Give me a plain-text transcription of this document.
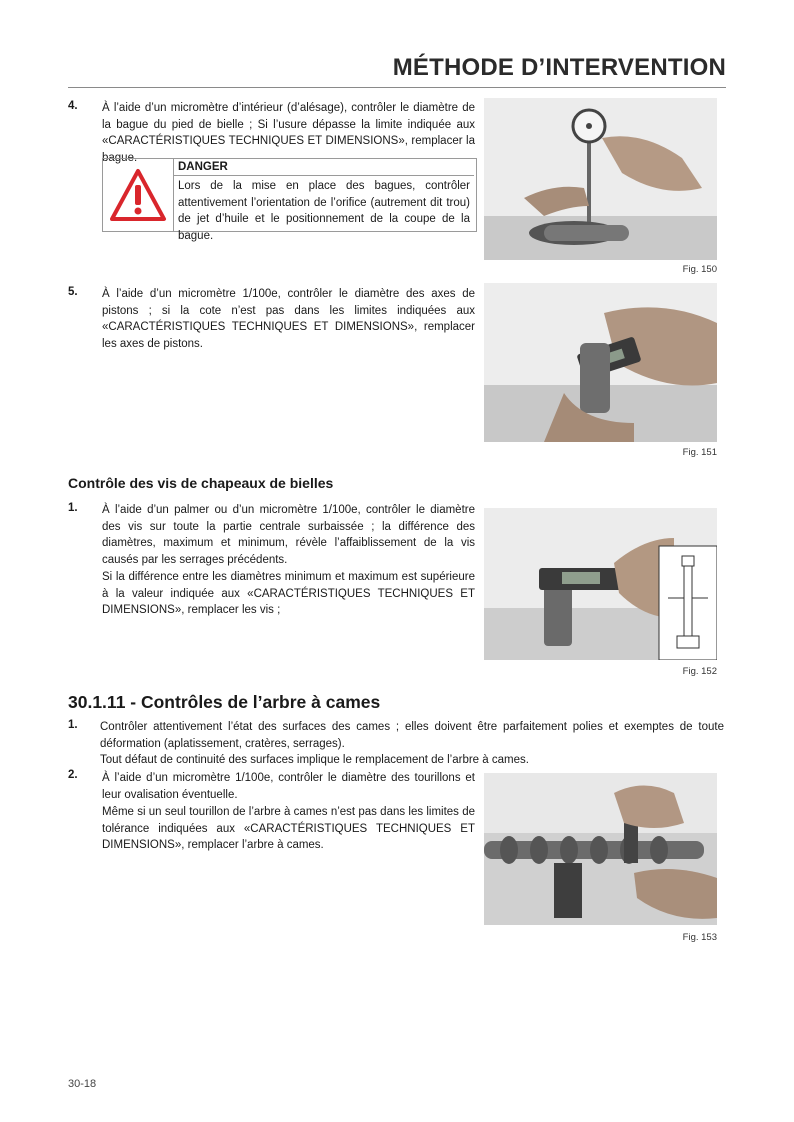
MÉTHODE D’INTERVENTION
4. À l’aide d’un micromètre d’intérieur (d’alésage), contrôler le diamètre de la bague du pied de bielle ; Si l’usure dépasse la limite indiquée aux «CARACTÉRISTIQUES TECHNIQUES ET DIMENSIONS», remplacer la bague.
DANGER
Lors de la mise en place des bagues, contrôler attentivement l’orientation de l’orifice (autrement dit trou) de jet d’huile et le positionnement de la coupe de la bague.
Fig. 150
5. À l’aide d’un micromètre 1/100e, contrôler le diamètre des axes de pistons ; si la cote n’est pas dans les limites indiquées aux «CARACTÉRISTIQUES TECHNIQUES ET DIMENSIONS», remplacer les axes de pistons.
Fig. 151
Contrôle des vis de chapeaux de bielles
1. À l’aide d’un palmer ou d’un micromètre 1/100e, contrôler le diamètre des vis sur toute la partie centrale surbaissée ; la différence des diamètres, maximum et minimum, révèle l’affaiblissement de la vis causés par les serrages précédents.
Si la différence entre les diamètres minimum et maximum est supérieure à la valeur indiquée aux «CARACTÉRISTIQUES TECHNIQUES ET DIMENSIONS», remplacer les vis ;
Fig. 152
30.1.11 - Contrôles de l’arbre à cames
1. Contrôler attentivement l’état des surfaces des cames ; elles doivent être parfaitement polies et exemptes de toute déformation (aplatissement, cratères, serrages).
Tout défaut de continuité des surfaces implique le remplacement de l’arbre à cames.
2. À l’aide d’un micromètre 1/100e, contrôler le diamètre des tourillons et leur ovalisation éventuelle.
Même si un seul tourillon de l’arbre à cames n’est pas dans les limites de tolérance indiquées aux «CARACTÉRISTIQUES TECHNIQUES ET DIMENSIONS», remplacer l’arbre à cames.
Fig. 153
30-18
